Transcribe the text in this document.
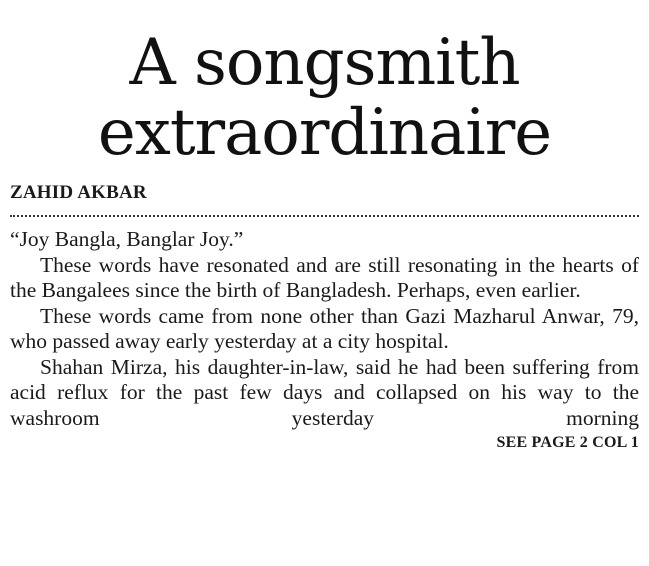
A songsmith
extraordinaire
ZAHID AKBAR

“Joy Bangla, Banglar Joy.”

These words have resonated and are still resonating in the hearts of the Bangalees since the birth of Bangladesh. Perhaps, even earlier.

These words came from none other than Gazi Mazharul Anwar, 79, who passed away early yesterday at a city hospital.

Shahan Mirza, his daughter-in-law, said he had been suffering from acid reflux for the past few days and collapsed on his way to the washroom yesterday morning

SEE PAGE 2 COL 1
